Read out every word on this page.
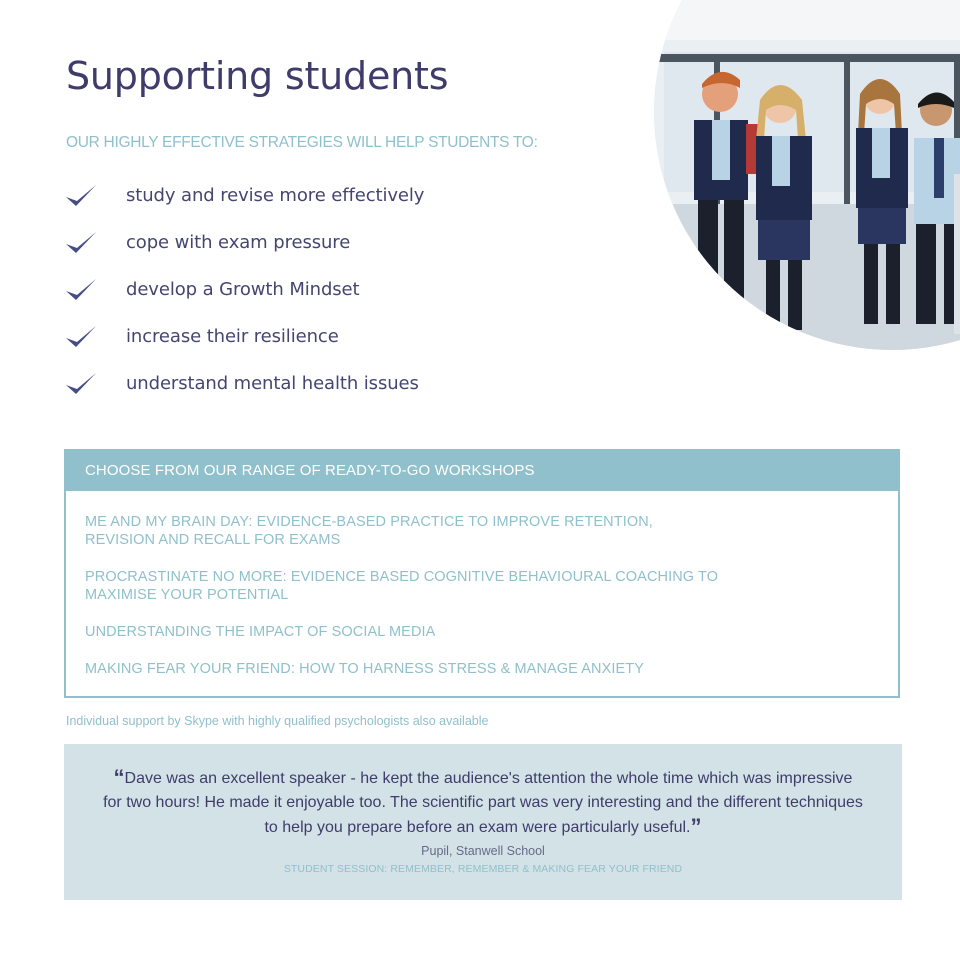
Supporting students

OUR HIGHLY EFFECTIVE STRATEGIES WILL HELP STUDENTS TO:

study and revise more effectively
cope with exam pressure
develop a Growth Mindset
increase their resilience
understand mental health issues
CHOOSE FROM OUR RANGE OF READY-TO-GO WORKSHOPS
ME AND MY BRAIN DAY: EVIDENCE-BASED PRACTICE TO IMPROVE RETENTION, REVISION AND RECALL FOR EXAMS
PROCRASTINATE NO MORE: EVIDENCE BASED COGNITIVE BEHAVIOURAL COACHING TO MAXIMISE YOUR POTENTIAL
UNDERSTANDING THE IMPACT OF SOCIAL MEDIA
MAKING FEAR YOUR FRIEND: HOW TO HARNESS STRESS & MANAGE ANXIETY
Individual support by Skype with highly qualified psychologists also available

“Dave was an excellent speaker - he kept the audience's attention the whole time which was impressive for two hours! He made it enjoyable too. The scientific part was very interesting and the different techniques to help you prepare before an exam were particularly useful.”

Pupil, Stanwell School
STUDENT SESSION: REMEMBER, REMEMBER & MAKING FEAR YOUR FRIEND
